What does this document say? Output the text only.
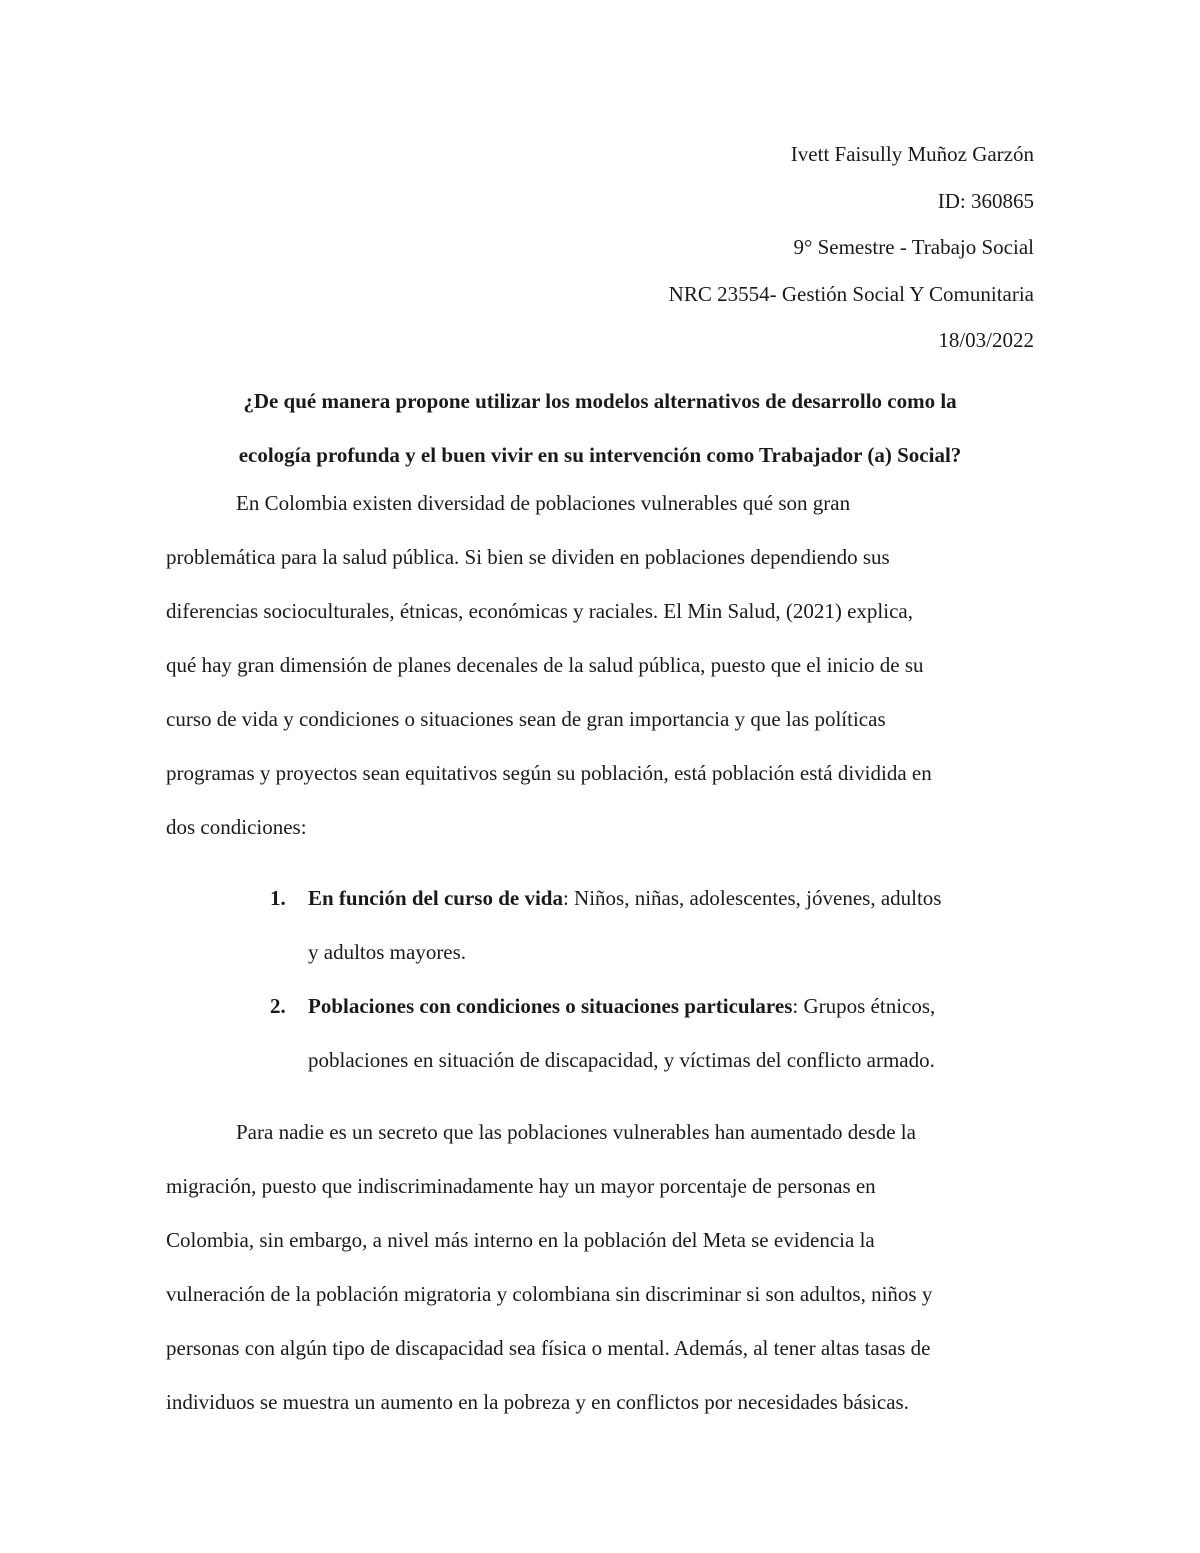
Ivett Faisully Muñoz Garzón
ID: 360865
9° Semestre - Trabajo Social
NRC 23554- Gestión Social Y Comunitaria
18/03/2022
¿De qué manera propone utilizar los modelos alternativos de desarrollo como la
ecología profunda y el buen vivir en su intervención como Trabajador (a) Social?
En Colombia existen diversidad de poblaciones vulnerables qué son gran
problemática para la salud pública. Si bien se dividen en poblaciones dependiendo sus
diferencias socioculturales, étnicas, económicas y raciales. El Min Salud, (2021) explica,
qué hay gran dimensión de planes decenales de la salud pública, puesto que el inicio de su
curso de vida y condiciones o situaciones sean de gran importancia y que las políticas
programas y proyectos sean equitativos según su población, está población está dividida en
dos condiciones:
1. En función del curso de vida: Niños, niñas, adolescentes, jóvenes, adultos
y adultos mayores.
2. Poblaciones con condiciones o situaciones particulares: Grupos étnicos,
poblaciones en situación de discapacidad, y víctimas del conflicto armado.
Para nadie es un secreto que las poblaciones vulnerables han aumentado desde la
migración, puesto que indiscriminadamente hay un mayor porcentaje de personas en
Colombia, sin embargo, a nivel más interno en la población del Meta se evidencia la
vulneración de la población migratoria y colombiana sin discriminar si son adultos, niños y
personas con algún tipo de discapacidad sea física o mental. Además, al tener altas tasas de
individuos se muestra un aumento en la pobreza y en conflictos por necesidades básicas.
